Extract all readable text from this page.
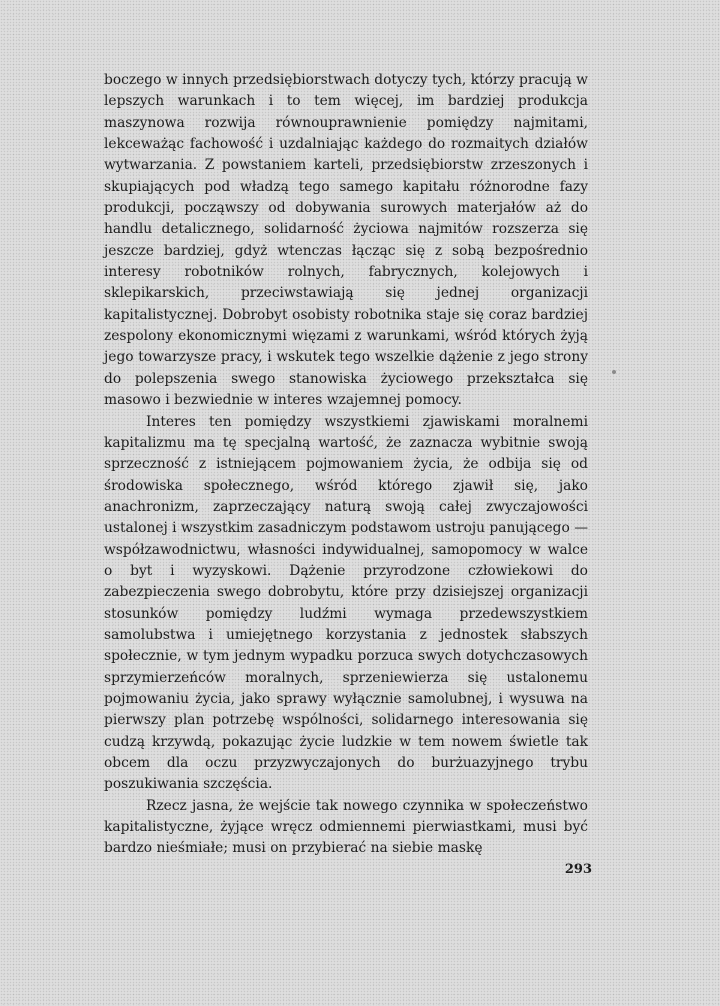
boczego w innych przedsiębiorstwach dotyczy tych, którzy pracują w lepszych warunkach i to tem więcej, im bardziej produkcja maszynowa rozwija równouprawnienie pomiędzy najmitami, lekceważąc fachowość i uzdalniając każdego do rozmaitych działów wytwarzania. Z powstaniem karteli, przedsiębiorstw zrzeszonych i skupiających pod władzą tego samego kapitału różnorodne fazy produkcji, począwszy od dobywania surowych materjałów aż do handlu detalicznego, solidarność życiowa najmitów rozszerza się jeszcze bardziej, gdyż wtenczas łącząc się z sobą bezpośrednio interesy robotników rolnych, fabrycznych, kolejowych i sklepikarskich, przeciwstawiają się jednej organizacji kapitalistycznej. Dobrobyt osobisty robotnika staje się coraz bardziej zespolony ekonomicznymi więzami z warunkami, wśród których żyją jego towarzysze pracy, i wskutek tego wszelkie dążenie z jego strony do polepszenia swego stanowiska życiowego przekształca się masowo i bezwiednie w interes wzajemnej pomocy.

Interes ten pomiędzy wszystkiemi zjawiskami moralnemi kapitalizmu ma tę specjalną wartość, że zaznacza wybitnie swoją sprzeczność z istniejącem pojmowaniem życia, że odbija się od środowiska społecznego, wśród którego zjawił się, jako anachronizm, zaprzeczający naturą swoją całej zwyczajowości ustalonej i wszystkim zasadniczym podstawom ustroju panującego — współzawodnictwu, własności indywidualnej, samopomocy w walce o byt i wyzyskowi. Dążenie przyrodzone człowiekowi do zabezpieczenia swego dobrobytu, które przy dzisiejszej organizacji stosunków pomiędzy ludźmi wymaga przedewszystkiem samolubstwa i umiejętnego korzystania z jednostek słabszych społecznie, w tym jednym wypadku porzuca swych dotychczasowych sprzymierzeńców moralnych, sprzeniewierza się ustalonemu pojmowaniu życia, jako sprawy wyłącznie samolubnej, i wysuwa na pierwszy plan potrzebę wspólności, solidarnego interesowania się cudzą krzywdą, pokazując życie ludzkie w tem nowem świetle tak obcem dla oczu przyzwyczajonych do burżuazyjnego trybu poszukiwania szczęścia.

Rzecz jasna, że wejście tak nowego czynnika w społeczeństwo kapitalistyczne, żyjące wręcz odmiennemi pierwiastkami, musi być bardzo nieśmiałe; musi on przybierać na siebie maskę

293
